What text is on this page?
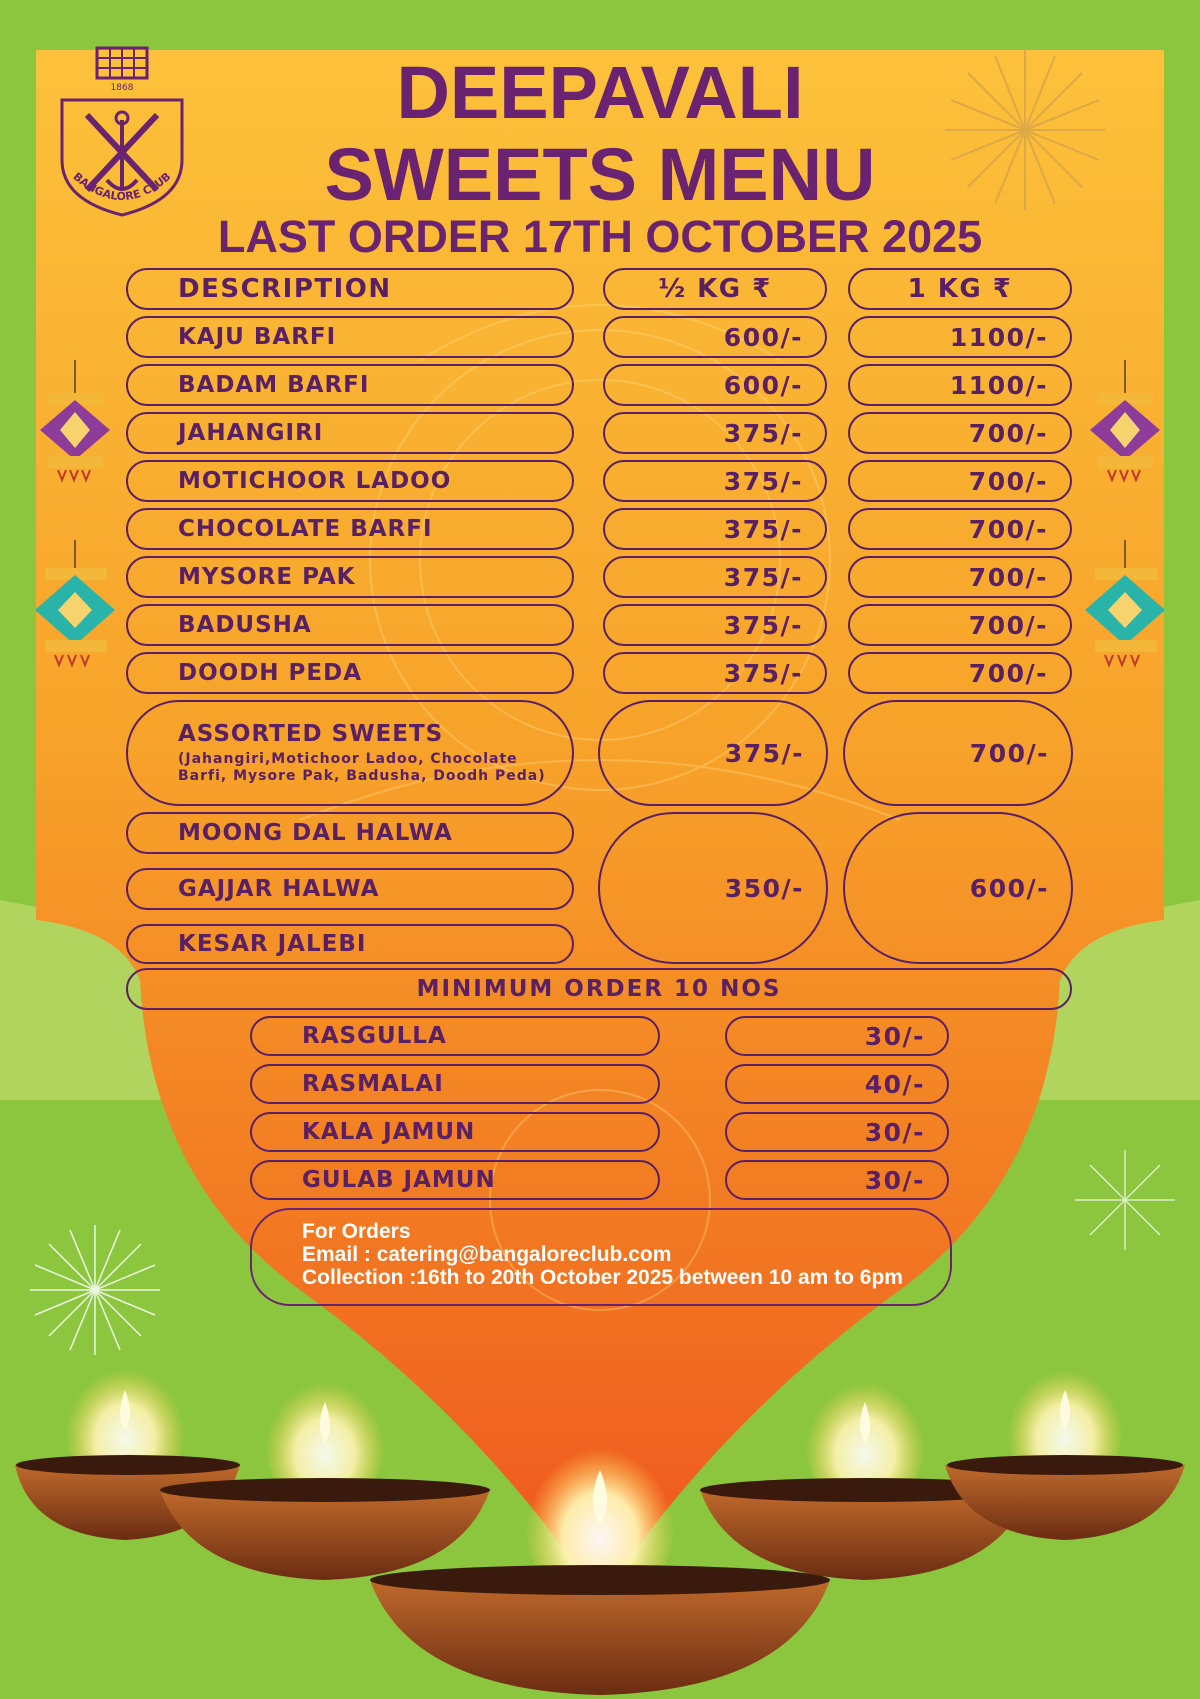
1868
BANGALORE CLUB
DEEPAVALI
SWEETS MENU
LAST ORDER 17TH OCTOBER 2025
DESCRIPTION	½ KG ₹	1 KG ₹
KAJU BARFI	600/-	1100/-
BADAM BARFI	600/-	1100/-
JAHANGIRI	375/-	700/-
MOTICHOOR LADOO	375/-	700/-
CHOCOLATE BARFI	375/-	700/-
MYSORE PAK	375/-	700/-
BADUSHA	375/-	700/-
DOODH PEDA	375/-	700/-
ASSORTED SWEETS
(Jahangiri,Motichoor Ladoo, Chocolate Barfi, Mysore Pak, Badusha, Doodh Peda)
375/-	700/-
MOONG DAL HALWA
GAJJAR HALWA
KESAR JALEBI
350/-	600/-
MINIMUM ORDER 10 NOS
RASGULLA	30/-
RASMALAI	40/-
KALA JAMUN	30/-
GULAB JAMUN	30/-
For Orders
Email : catering@bangaloreclub.com
Collection :16th to 20th October 2025 between 10 am to 6pm
